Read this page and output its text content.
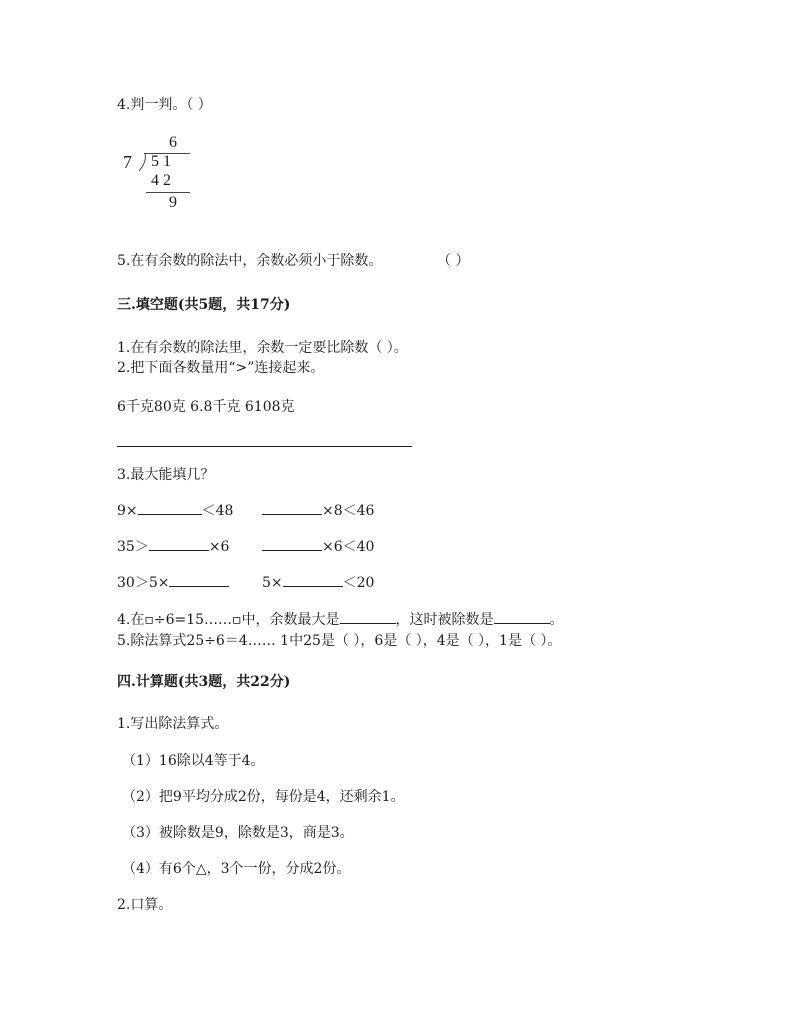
4.判一判。（ ）
6
7 5 1
4 2
9
5.在有余数的除法中，余数必须小于除数。	（ ）
三.填空题(共5题，共17分)
1.在有余数的除法里，余数一定要比除数（ ）。
2.把下面各数量用“>”连接起来。
6千克80克 6.8千克 6108克
3.最大能填几？
9×	＜48	×8＜46
35＞	×6	×6＜40
30＞5×	5×	＜20
4.在▫÷6=15……▫中，余数最大是	，这时被除数是	。
5.除法算式25÷6＝4…… 1中25是（ ），6是（ ），4是（ ），1是（ ）。
四.计算题(共3题，共22分)
1.写出除法算式。
（1）16除以4等于4。
（2）把9平均分成2份，每份是4，还剩余1。
（3）被除数是9，除数是3，商是3。
（4）有6个△，3个一份，分成2份。
2.口算。
